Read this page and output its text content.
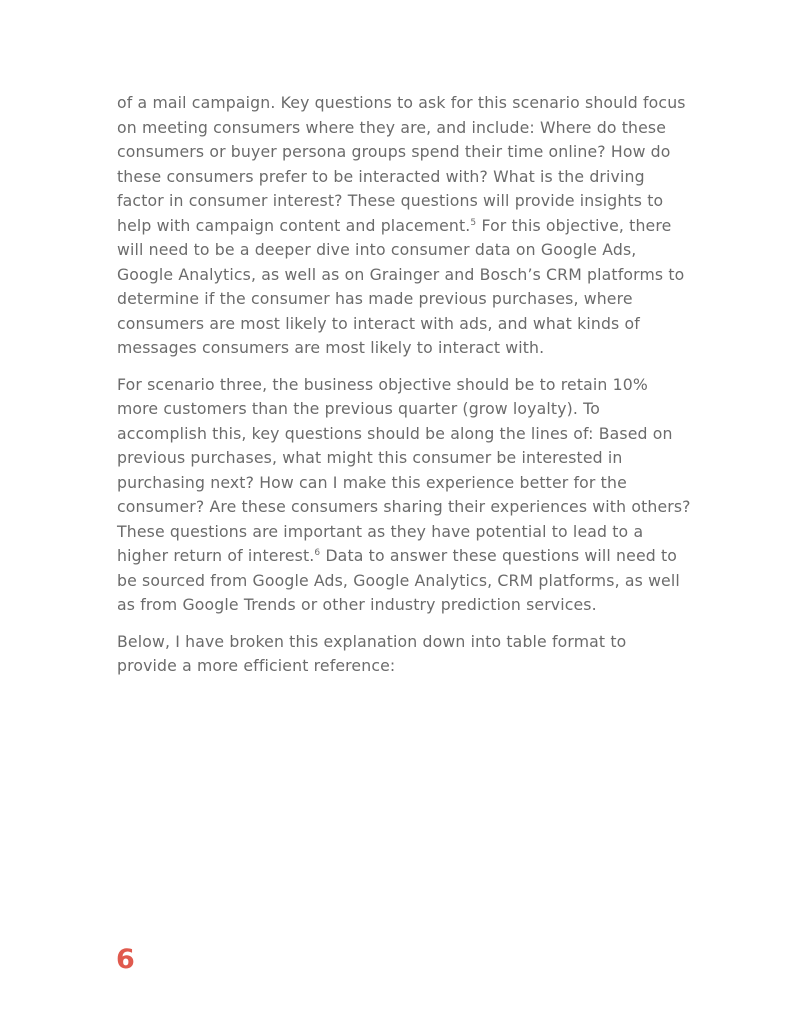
of a mail campaign. Key questions to ask for this scenario should focus
on meeting consumers where they are, and include: Where do these
consumers or buyer persona groups spend their time online? How do
these consumers prefer to be interacted with? What is the driving
factor in consumer interest? These questions will provide insights to
help with campaign content and placement.$^5$ For this objective, there
will need to be a deeper dive into consumer data on Google Ads,
Google Analytics, as well as on Grainger and Bosch’s CRM platforms to
determine if the consumer has made previous purchases, where
consumers are most likely to interact with ads, and what kinds of
messages consumers are most likely to interact with.

For scenario three, the business objective should be to retain 10%
more customers than the previous quarter (grow loyalty). To
accomplish this, key questions should be along the lines of: Based on
previous purchases, what might this consumer be interested in
purchasing next? How can I make this experience better for the
consumer? Are these consumers sharing their experiences with others?
These questions are important as they have potential to lead to a
higher return of interest.$^6$ Data to answer these questions will need to
be sourced from Google Ads, Google Analytics, CRM platforms, as well
as from Google Trends or other industry prediction services.

Below, I have broken this explanation down into table format to
provide a more efficient reference:

6
